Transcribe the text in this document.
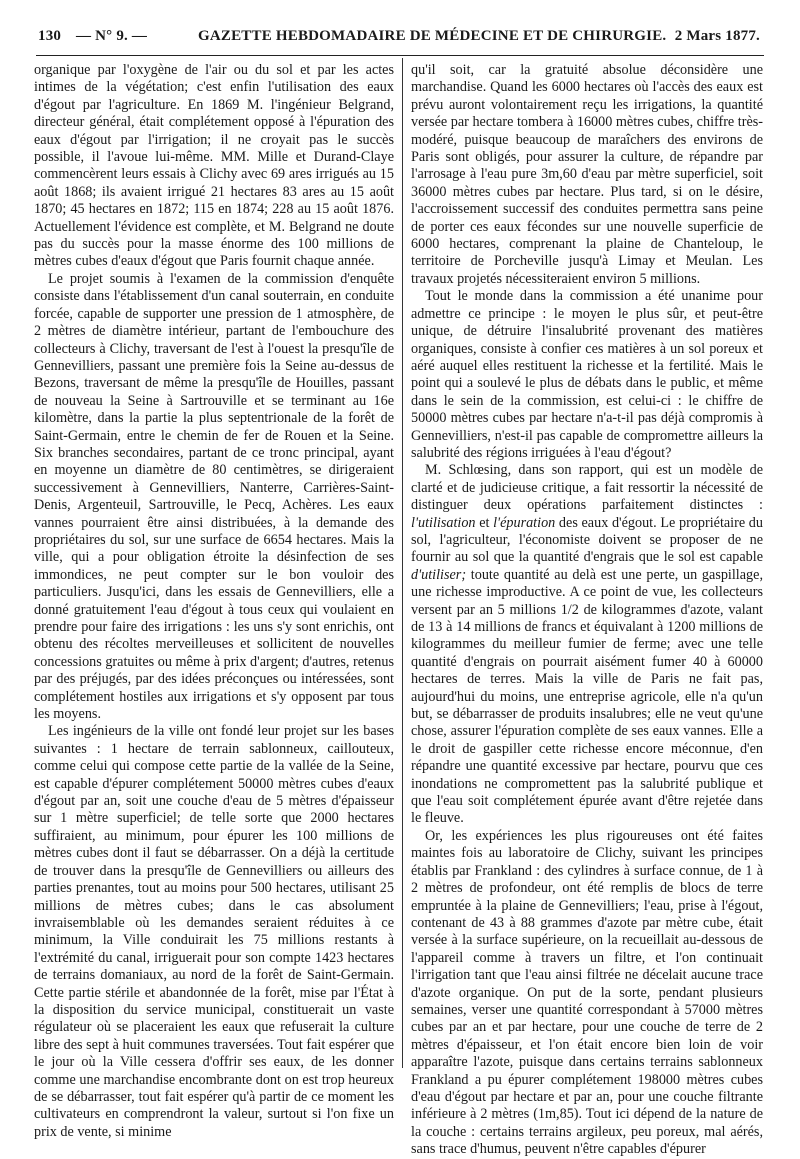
130 — N° 9. —	GAZETTE HEBDOMADAIRE DE MÉDECINE ET DE CHIRURGIE. 2 Mars 1877.

organique par l'oxygène de l'air ou du sol et par les actes intimes de la végétation; c'est enfin l'utilisation des eaux d'égout par l'agriculture. En 1869 M. l'ingénieur Belgrand, directeur général, était complétement opposé à l'épuration des eaux d'égout par l'irrigation; il ne croyait pas le succès possible, il l'avoue lui-même. MM. Mille et Durand-Claye commencèrent leurs essais à Clichy avec 69 ares irrigués au 15 août 1868; ils avaient irrigué 21 hectares 83 ares au 15 août 1870; 45 hectares en 1872; 115 en 1874; 228 au 15 août 1876. Actuellement l'évidence est complète, et M. Belgrand ne doute pas du succès pour la masse énorme des 100 millions de mètres cubes d'eaux d'égout que Paris fournit chaque année.

Le projet soumis à l'examen de la commission d'enquête consiste dans l'établissement d'un canal souterrain, en conduite forcée, capable de supporter une pression de 1 atmosphère, de 2 mètres de diamètre intérieur, partant de l'embouchure des collecteurs à Clichy, traversant de l'est à l'ouest la presqu'île de Gennevilliers, passant une première fois la Seine au-dessus de Bezons, traversant de même la presqu'île de Houilles, passant de nouveau la Seine à Sartrouville et se terminant au 16e kilomètre, dans la partie la plus septentrionale de la forêt de Saint-Germain, entre le chemin de fer de Rouen et la Seine. Six branches secondaires, partant de ce tronc principal, ayant en moyenne un diamètre de 80 centimètres, se dirigeraient successivement à Gennevilliers, Nanterre, Carrières-Saint-Denis, Argenteuil, Sartrouville, le Pecq, Achères. Les eaux vannes pourraient être ainsi distribuées, à la demande des propriétaires du sol, sur une surface de 6654 hectares. Mais la ville, qui a pour obligation étroite la désinfection de ses immondices, ne peut compter sur le bon vouloir des particuliers. Jusqu'ici, dans les essais de Gennevilliers, elle a donné gratuitement l'eau d'égout à tous ceux qui voulaient en prendre pour faire des irrigations : les uns s'y sont enrichis, ont obtenu des récoltes merveilleuses et sollicitent de nouvelles concessions gratuites ou même à prix d'argent; d'autres, retenus par des préjugés, par des idées préconçues ou intéressées, sont complétement hostiles aux irrigations et s'y opposent par tous les moyens.

Les ingénieurs de la ville ont fondé leur projet sur les bases suivantes : 1 hectare de terrain sablonneux, caillouteux, comme celui qui compose cette partie de la vallée de la Seine, est capable d'épurer complétement 50000 mètres cubes d'eaux d'égout par an, soit une couche d'eau de 5 mètres d'épaisseur sur 1 mètre superficiel; de telle sorte que 2000 hectares suffiraient, au minimum, pour épurer les 100 millions de mètres cubes dont il faut se débarrasser. On a déjà la certitude de trouver dans la presqu'île de Gennevilliers ou ailleurs des parties prenantes, tout au moins pour 500 hectares, utilisant 25 millions de mètres cubes; dans le cas absolument invraisemblable où les demandes seraient réduites à ce minimum, la Ville conduirait les 75 millions restants à l'extrémité du canal, irriguerait pour son compte 1423 hectares de terrains domaniaux, au nord de la forêt de Saint-Germain. Cette partie stérile et abandonnée de la forêt, mise par l'État à la disposition du service municipal, constituerait un vaste régulateur où se placeraient les eaux que refuserait la culture libre des sept à huit communes traversées. Tout fait espérer que le jour où la Ville cessera d'offrir ses eaux, de les donner comme une marchandise encombrante dont on est trop heureux de se débarrasser, tout fait espérer qu'à partir de ce moment les cultivateurs en comprendront la valeur, surtout si l'on fixe un prix de vente, si minime

qu'il soit, car la gratuité absolue déconsidère une marchandise. Quand les 6000 hectares où l'accès des eaux est prévu auront volontairement reçu les irrigations, la quantité versée par hectare tombera à 16000 mètres cubes, chiffre très-modéré, puisque beaucoup de maraîchers des environs de Paris sont obligés, pour assurer la culture, de répandre par l'arrosage à l'eau pure 3m,60 d'eau par mètre superficiel, soit 36000 mètres cubes par hectare. Plus tard, si on le désire, l'accroissement successif des conduites permettra sans peine de porter ces eaux fécondes sur une nouvelle superficie de 6000 hectares, comprenant la plaine de Chanteloup, le territoire de Porcheville jusqu'à Limay et Meulan. Les travaux projetés nécessiteraient environ 5 millions.

Tout le monde dans la commission a été unanime pour admettre ce principe : le moyen le plus sûr, et peut-être unique, de détruire l'insalubrité provenant des matières organiques, consiste à confier ces matières à un sol poreux et aéré auquel elles restituent la richesse et la fertilité. Mais le point qui a soulevé le plus de débats dans le public, et même dans le sein de la commission, est celui-ci : le chiffre de 50000 mètres cubes par hectare n'a-t-il pas déjà compromis à Gennevilliers, n'est-il pas capable de compromettre ailleurs la salubrité des régions irriguées à l'eau d'égout?

M. Schlœsing, dans son rapport, qui est un modèle de clarté et de judicieuse critique, a fait ressortir la nécessité de distinguer deux opérations parfaitement distinctes : l'utilisation et l'épuration des eaux d'égout. Le propriétaire du sol, l'agriculteur, l'économiste doivent se proposer de ne fournir au sol que la quantité d'engrais que le sol est capable d'utiliser; toute quantité au delà est une perte, un gaspillage, une richesse improductive. A ce point de vue, les collecteurs versent par an 5 millions 1/2 de kilogrammes d'azote, valant de 13 à 14 millions de francs et équivalant à 1200 millions de kilogrammes du meilleur fumier de ferme; avec une telle quantité d'engrais on pourrait aisément fumer 40 à 60000 hectares de terres. Mais la ville de Paris ne fait pas, aujourd'hui du moins, une entreprise agricole, elle n'a qu'un but, se débarrasser de produits insalubres; elle ne veut qu'une chose, assurer l'épuration complète de ses eaux vannes. Elle a le droit de gaspiller cette richesse encore méconnue, d'en répandre une quantité excessive par hectare, pourvu que ces inondations ne compromettent pas la salubrité publique et que l'eau soit complétement épurée avant d'être rejetée dans le fleuve.

Or, les expériences les plus rigoureuses ont été faites maintes fois au laboratoire de Clichy, suivant les principes établis par Frankland : des cylindres à surface connue, de 1 à 2 mètres de profondeur, ont été remplis de blocs de terre empruntée à la plaine de Gennevilliers; l'eau, prise à l'égout, contenant de 43 à 88 grammes d'azote par mètre cube, était versée à la surface supérieure, on la recueillait au-dessous de l'appareil comme à travers un filtre, et l'on continuait l'irrigation tant que l'eau ainsi filtrée ne décelait aucune trace d'azote organique. On put de la sorte, pendant plusieurs semaines, verser une quantité correspondant à 57000 mètres cubes par an et par hectare, pour une couche de terre de 2 mètres d'épaisseur, et l'on était encore bien loin de voir apparaître l'azote, puisque dans certains terrains sablonneux Frankland a pu épurer complétement 198000 mètres cubes d'eau d'égout par hectare et par an, pour une couche filtrante inférieure à 2 mètres (1m,85). Tout ici dépend de la nature de la couche : certains terrains argileux, peu poreux, mal aérés, sans trace d'humus, peuvent n'être capables d'épurer
